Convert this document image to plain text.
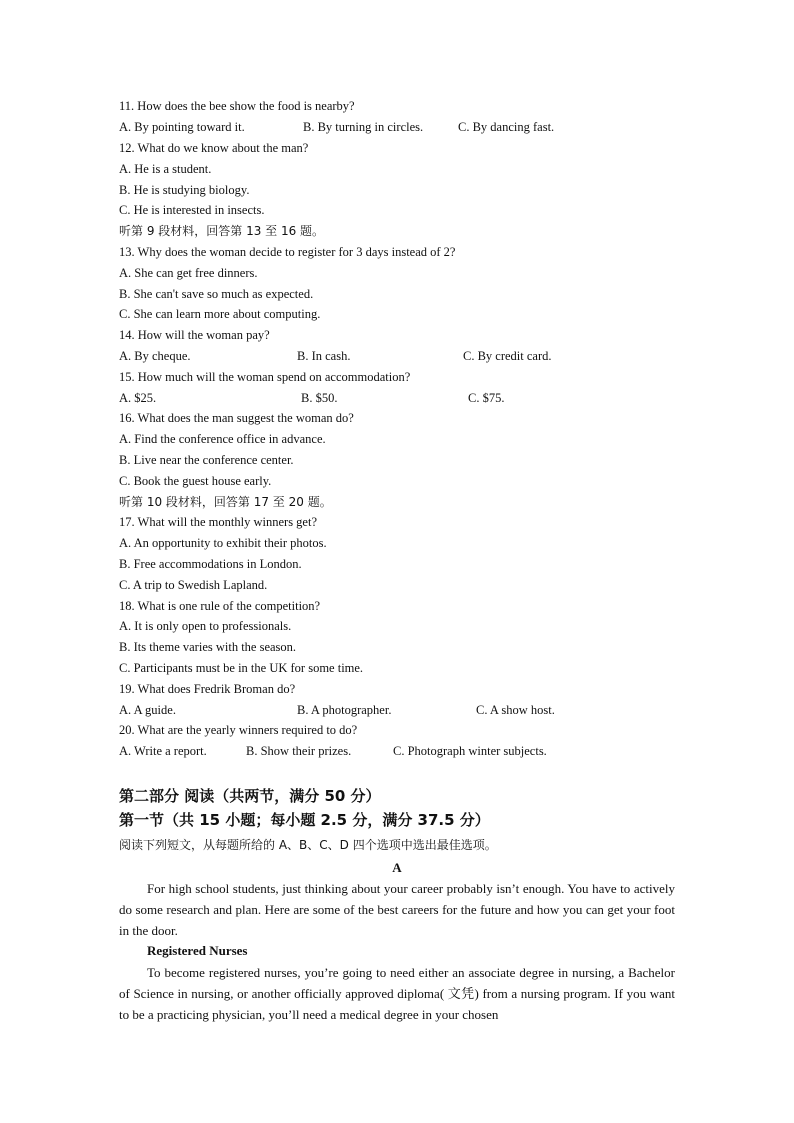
11. How does the bee show the food is nearby?
A. By pointing toward it.	B. By turning in circles.	C. By dancing fast.
12. What do we know about the man?
A. He is a student.
B. He is studying biology.
C. He is interested in insects.
听第 9 段材料，回答第 13 至 16 题。
13. Why does the woman decide to register for 3 days instead of 2?
A. She can get free dinners.
B. She can't save so much as expected.
C. She can learn more about computing.
14. How will the woman pay?
A. By cheque.	B. In cash.	C. By credit card.
15. How much will the woman spend on accommodation?
A. $25.	B. $50.	C. $75.
16. What does the man suggest the woman do?
A. Find the conference office in advance.
B. Live near the conference center.
C. Book the guest house early.
听第 10 段材料，回答第 17 至 20 题。
17. What will the monthly winners get?
A. An opportunity to exhibit their photos.
B. Free accommodations in London.
C. A trip to Swedish Lapland.
18. What is one rule of the competition?
A. It is only open to professionals.
B. Its theme varies with the season.
C. Participants must be in the UK for some time.
19. What does Fredrik Broman do?
A. A guide.	B. A photographer.	C. A show host.
20. What are the yearly winners required to do?
A. Write a report.	B. Show their prizes.	C. Photograph winter subjects.
第二部分 阅读（共两节，满分 50 分）
第一节（共 15 小题；每小题 2.5 分，满分 37.5 分）
阅读下列短文，从每题所给的 A、B、C、D 四个选项中选出最佳选项。
A

For high school students, just thinking about your career probably isn’t enough. You have to actively do some research and plan. Here are some of the best careers for the future and how you can get your foot in the door.

Registered Nurses

To become registered nurses, you’re going to need either an associate degree in nursing, a Bachelor of Science in nursing, or another officially approved diploma( 文凭) from a nursing program. If you want to be a practicing physician, you’ll need a medical degree in your chosen
